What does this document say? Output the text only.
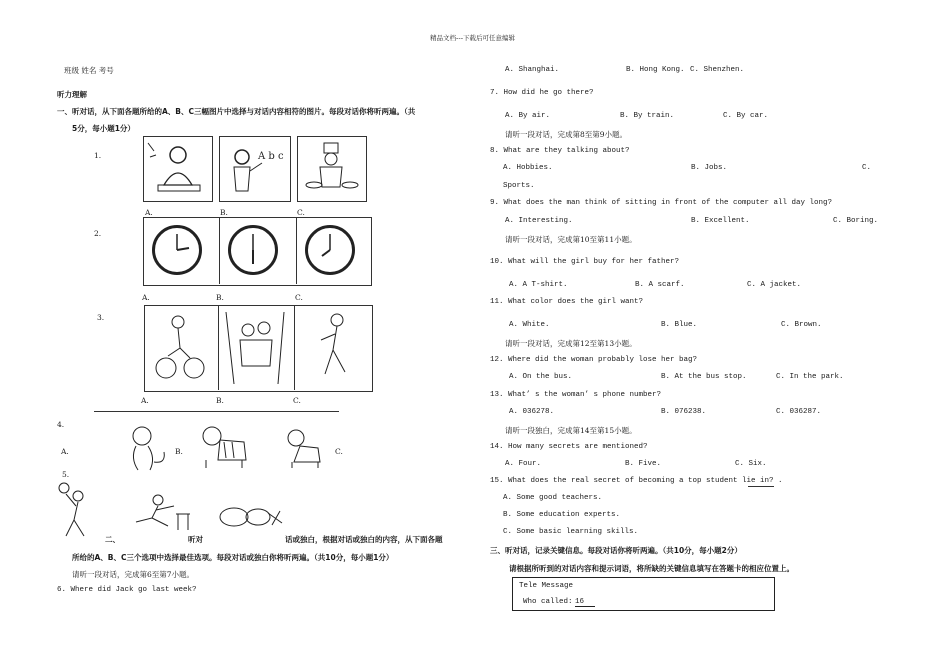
精品文档---下载后可任意编辑
班级 姓名 考号
听力理解
一、听对话，从下面各题所给的A、B、C三幅图片中选择与对话内容相符的图片。每段对话你将听两遍。（共
5分，每小题1分）
1.	A b c
A.	B.	C.
2.
A.	B.	C.
3.
A.	B.	C.
4.
A.	B.	C.
5.
二、	听对	话或独白，根据对话或独白的内容，从下面各题
所给的A、B、C三个选项中选择最佳选项。每段对话或独白你将听两遍。（共10分，每小题1分）
请听一段对话，完成第6至第7小题。
6. Where did Jack go last week?
A. Shanghai.	B. Hong Kong. C. Shenzhen.
7. How did he go there?
A. By air.	B. By train.	C. By car.
请听一段对话，完成第8至第9小题。
8. What are they talking about?
A. Hobbies.	B. Jobs.	C.
Sports.
9. What does the man think of sitting in front of the computer all day long?
A. Interesting.	B. Excellent.	C. Boring.
请听一段对话，完成第10至第11小题。
10. What will the girl buy for her father?
A. A T-shirt.	B. A scarf.	C. A jacket.
11. What color does the girl want?
A. White.	B. Blue.	C. Brown.
请听一段对话，完成第12至第13小题。
12. Where did the woman probably lose her bag?
A. On the bus.	B. At the bus stop.	C. In the park.
13. What’ s the woman’ s phone number?
A. 036278.	B. 076238.	C. 036287.
请听一段独白，完成第14至第15小题。
14. How many secrets are mentioned?
A. Four.	B. Five.	C. Six.
15. What does the real secret of becoming a top student lie in? .
A. Some good teachers.
B. Some education experts.
C. Some basic learning skills.
三、听对话，记录关键信息。每段对话你将听两遍。（共10分，每小题2分）
请根据所听到的对话内容和提示词语，将所缺的关键信息填写在答题卡的相应位置上。
Tele Message
Who called: 16
